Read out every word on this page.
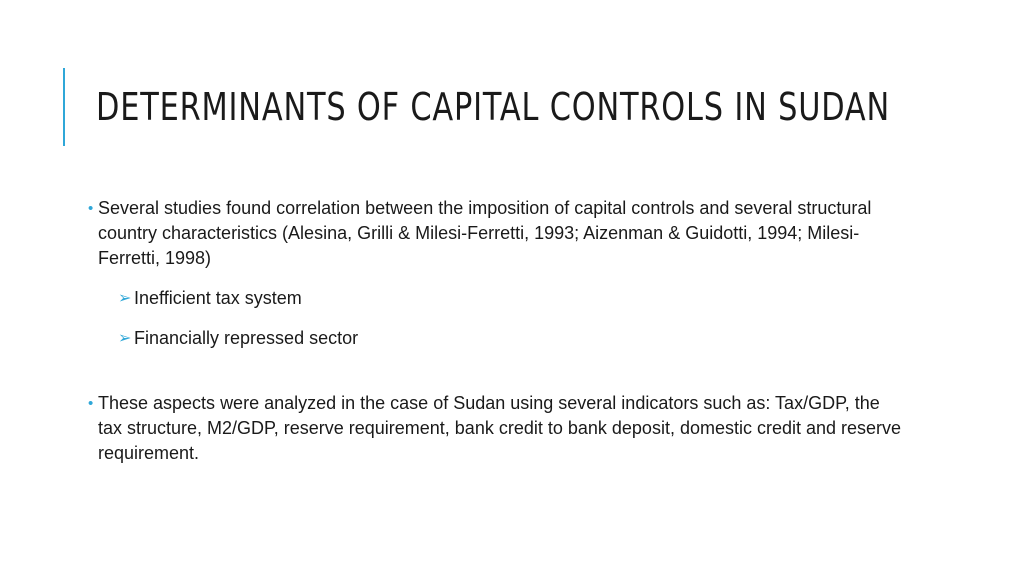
DETERMINANTS OF CAPITAL CONTROLS IN SUDAN
• Several studies found correlation between the imposition of capital controls and several structural country characteristics (Alesina, Grilli & Milesi-Ferretti, 1993; Aizenman & Guidotti, 1994; Milesi-Ferretti, 1998)
➢ Inefficient tax system
➢ Financially repressed sector
• These aspects were analyzed in the case of Sudan using several indicators such as: Tax/GDP, the tax structure, M2/GDP, reserve requirement, bank credit to bank deposit, domestic credit and reserve requirement.
